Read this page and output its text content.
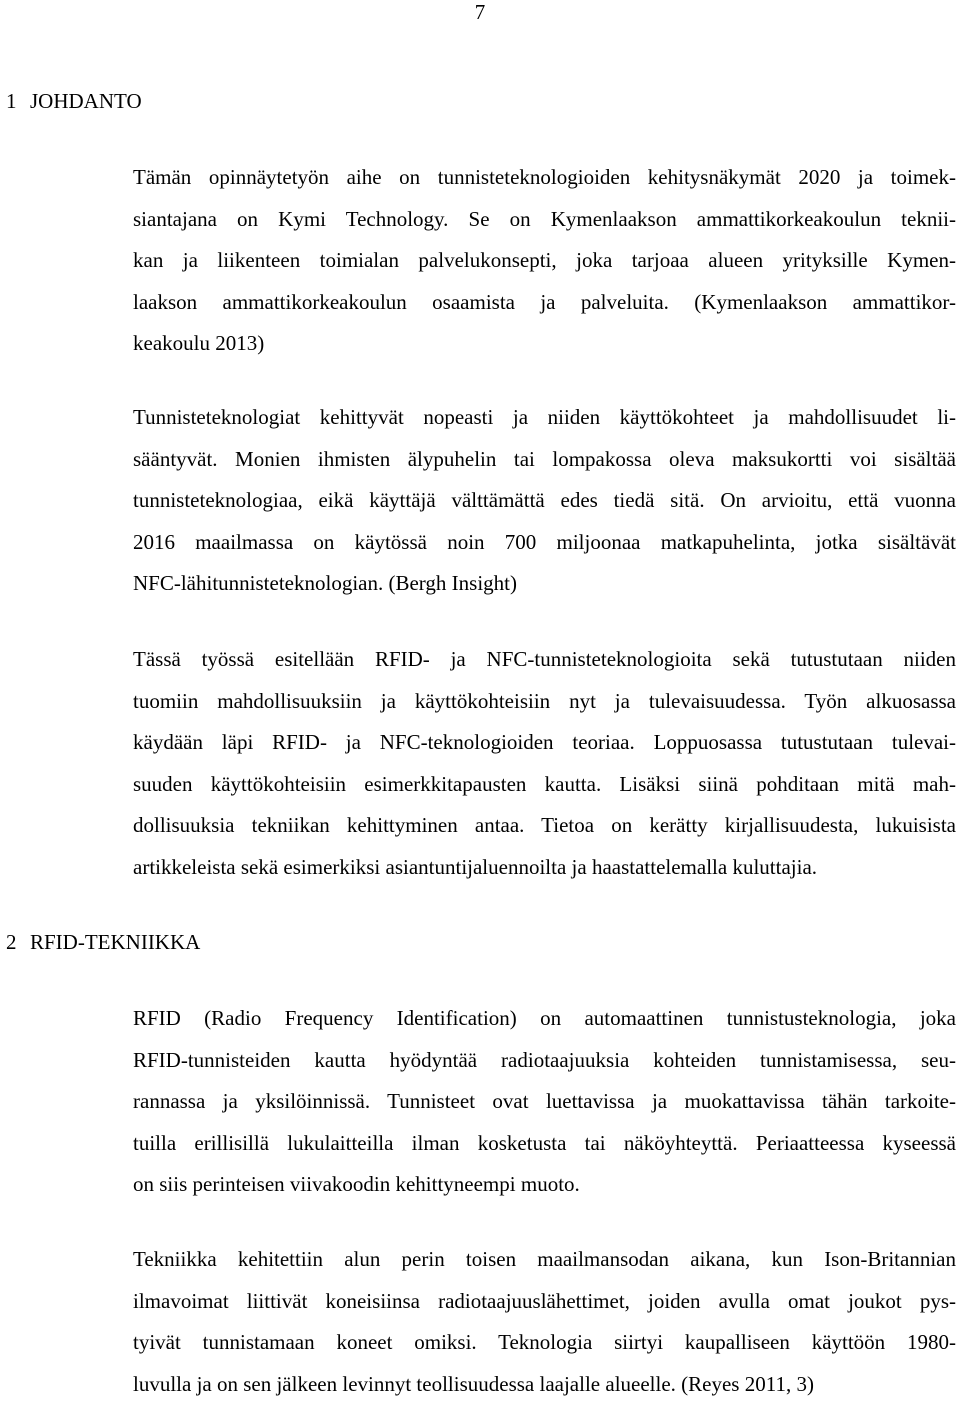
7
1 JOHDANTO
Tämän opinnäytetyön aihe on tunnisteteknologioiden kehitysnäkymät 2020 ja toimek-
siantajana on Kymi Technology. Se on Kymenlaakson ammattikorkeakoulun teknii-
kan ja liikenteen toimialan palvelukonsepti, joka tarjoaa alueen yrityksille Kymen-
laakson ammattikorkeakoulun osaamista ja palveluita. (Kymenlaakson ammattikor-
keakoulu 2013)
Tunnisteteknologiat kehittyvät nopeasti ja niiden käyttökohteet ja mahdollisuudet li-
sääntyvät. Monien ihmisten älypuhelin tai lompakossa oleva maksukortti voi sisältää
tunnisteteknologiaa, eikä käyttäjä välttämättä edes tiedä sitä. On arvioitu, että vuonna
2016 maailmassa on käytössä noin 700 miljoonaa matkapuhelinta, jotka sisältävät
NFC-lähitunnisteteknologian. (Bergh Insight)
Tässä työssä esitellään RFID- ja NFC-tunnisteteknologioita sekä tutustutaan niiden
tuomiin mahdollisuuksiin ja käyttökohteisiin nyt ja tulevaisuudessa. Työn alkuosassa
käydään läpi RFID- ja NFC-teknologioiden teoriaa. Loppuosassa tutustutaan tulevai-
suuden käyttökohteisiin esimerkkitapausten kautta. Lisäksi siinä pohditaan mitä mah-
dollisuuksia tekniikan kehittyminen antaa. Tietoa on kerätty kirjallisuudesta, lukuisista
artikkeleista sekä esimerkiksi asiantuntijaluennoilta ja haastattelemalla kuluttajia.
2 RFID-TEKNIIKKA
RFID (Radio Frequency Identification) on automaattinen tunnistusteknologia, joka
RFID-tunnisteiden kautta hyödyntää radiotaajuuksia kohteiden tunnistamisessa, seu-
rannassa ja yksilöinnissä. Tunnisteet ovat luettavissa ja muokattavissa tähän tarkoite-
tuilla erillisillä lukulaitteilla ilman kosketusta tai näköyhteyttä. Periaatteessa kyseessä
on siis perinteisen viivakoodin kehittyneempi muoto.
Tekniikka kehitettiin alun perin toisen maailmansodan aikana, kun Ison-Britannian
ilmavoimat liittivät koneisiinsa radiotaajuuslähettimet, joiden avulla omat joukot pys-
tyivät tunnistamaan koneet omiksi. Teknologia siirtyi kaupalliseen käyttöön 1980-
luvulla ja on sen jälkeen levinnyt teollisuudessa laajalle alueelle. (Reyes 2011, 3)
